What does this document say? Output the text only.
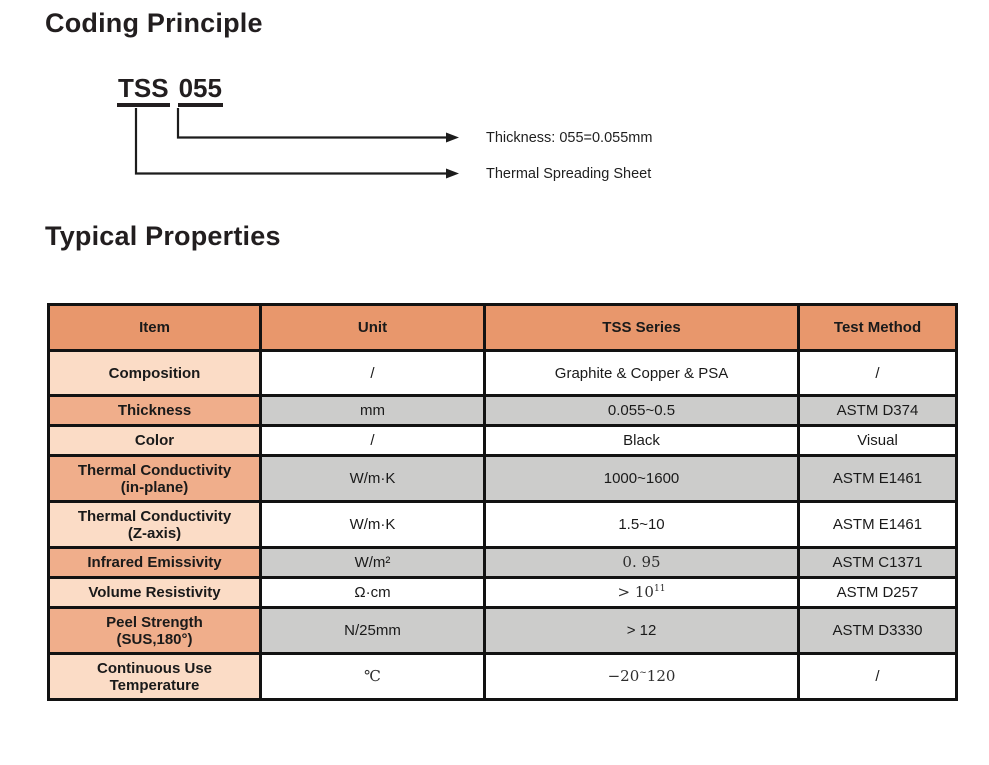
Coding Principle
TSS 055
Thickness: 055=0.055mm
Thermal Spreading Sheet
Typical Properties
Item	Unit	TSS Series	Test Method
Composition	/	Graphite & Copper & PSA	/
Thickness	mm	0.055~0.5	ASTM D374
Color	/	Black	Visual
Thermal Conductivity
(in-plane)	W/m·K	1000~1600	ASTM E1461
Thermal Conductivity
(Z-axis)	W/m·K	1.5~10	ASTM E1461
Infrared Emissivity	W/m²	0. 95	ASTM C1371
Volume Resistivity	Ω·cm	> $10^{11}$	ASTM D257
Peel Strength
(SUS,180°)	N/25mm	> 12	ASTM D3330
Continuous Use
Temperature	℃	−20~120	/
